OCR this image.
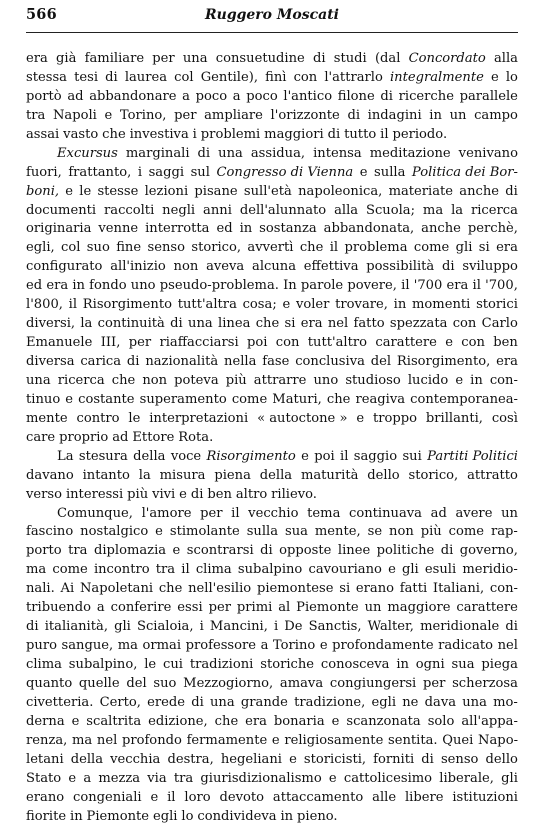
566	Ruggero Moscati
era già familiare per una consuetudine di studi (dal Concordato alla
stessa tesi di laurea col Gentile), finì con l'attrarlo integralmente e lo
portò ad abbandonare a poco a poco l'antico filone di ricerche parallele
tra Napoli e Torino, per ampliare l'orizzonte di indagini in un campo
assai vasto che investiva i problemi maggiori di tutto il periodo.
Excursus marginali di una assidua, intensa meditazione venivano
fuori, frattanto, i saggi sul Congresso di Vienna e sulla Politica dei Bor-
boni, e le stesse lezioni pisane sull'età napoleonica, materiate anche di
documenti raccolti negli anni dell'alunnato alla Scuola; ma la ricerca
originaria venne interrotta ed in sostanza abbandonata, anche perchè,
egli, col suo fine senso storico, avvertì che il problema come gli si era
configurato all'inizio non aveva alcuna effettiva possibilità di sviluppo
ed era in fondo uno pseudo-problema. In parole povere, il '700 era il '700,
l'800, il Risorgimento tutt'altra cosa; e voler trovare, in momenti storici
diversi, la continuità di una linea che si era nel fatto spezzata con Carlo
Emanuele III, per riaffacciarsi poi con tutt'altro carattere e con ben
diversa carica di nazionalità nella fase conclusiva del Risorgimento, era
una ricerca che non poteva più attrarre uno studioso lucido e in con-
tinuo e costante superamento come Maturi, che reagiva contemporanea-
mente contro le interpretazioni « autoctone » e troppo brillanti, così
care proprio ad Ettore Rota.
La stesura della voce Risorgimento e poi il saggio sui Partiti Politici
davano intanto la misura piena della maturità dello storico, attratto
verso interessi più vivi e di ben altro rilievo.
Comunque, l'amore per il vecchio tema continuava ad avere un
fascino nostalgico e stimolante sulla sua mente, se non più come rap-
porto tra diplomazia e scontrarsi di opposte linee politiche di governo,
ma come incontro tra il clima subalpino cavouriano e gli esuli meridio-
nali. Ai Napoletani che nell'esilio piemontese si erano fatti Italiani, con-
tribuendo a conferire essi per primi al Piemonte un maggiore carattere
di italianità, gli Scialoia, i Mancini, i De Sanctis, Walter, meridionale di
puro sangue, ma ormai professore a Torino e profondamente radicato nel
clima subalpino, le cui tradizioni storiche conosceva in ogni sua piega
quanto quelle del suo Mezzogiorno, amava congiungersi per scherzosa
civetteria. Certo, erede di una grande tradizione, egli ne dava una mo-
derna e scaltrita edizione, che era bonaria e scanzonata solo all'appa-
renza, ma nel profondo fermamente e religiosamente sentita. Quei Napo-
letani della vecchia destra, hegeliani e storicisti, forniti di senso dello
Stato e a mezza via tra giurisdizionalismo e cattolicesimo liberale, gli
erano congeniali e il loro devoto attaccamento alle libere istituzioni
fiorite in Piemonte egli lo condivideva in pieno.
